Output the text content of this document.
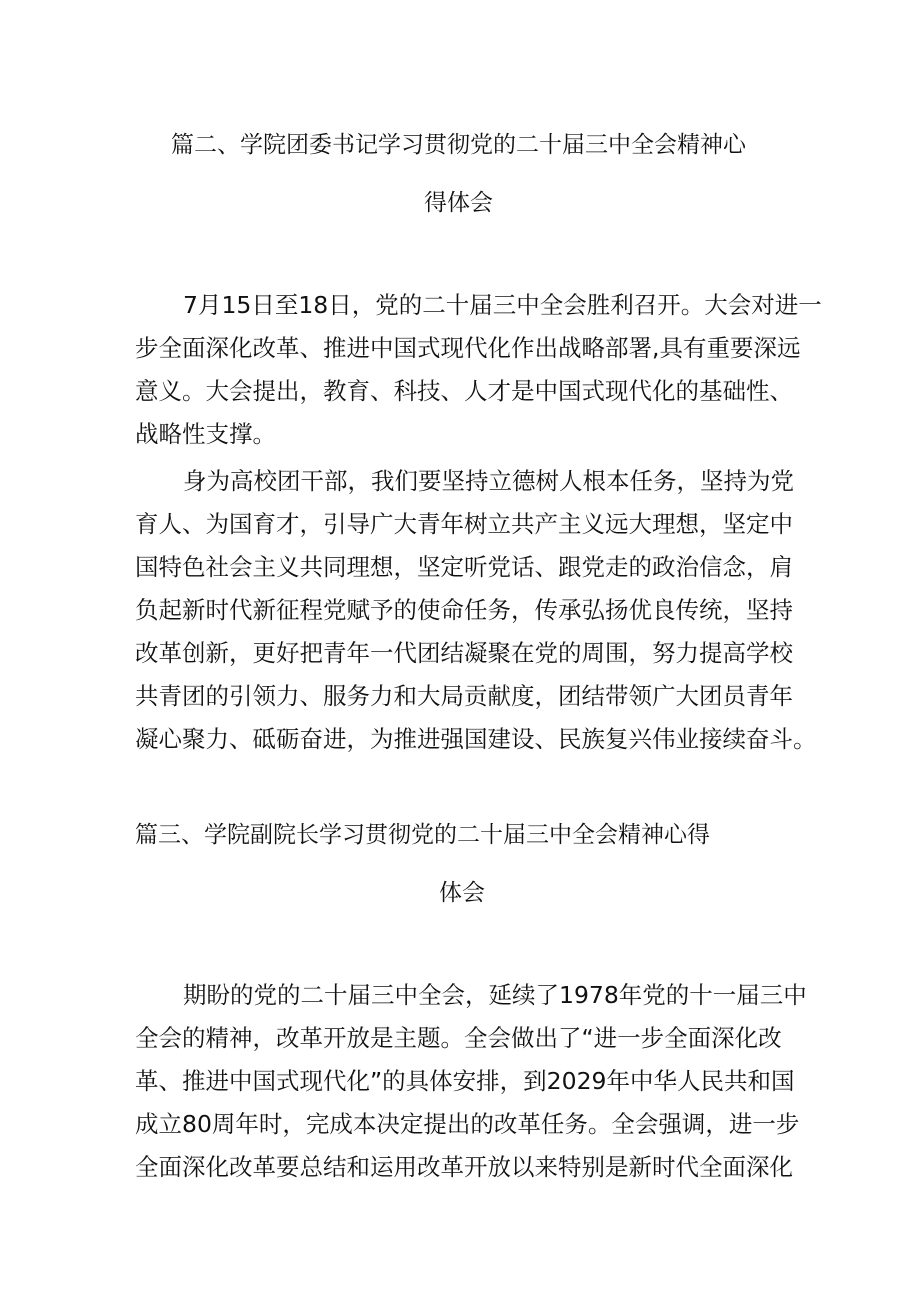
篇二、学院团委书记学习贯彻党的二十届三中全会精神心
得体会
7月15日至18日，党的二十届三中全会胜利召开。大会对进一
步全面深化改革、推进中国式现代化作出战略部署,具有重要深远
意义。大会提出，教育、科技、人才是中国式现代化的基础性、
战略性支撑。
身为高校团干部，我们要坚持立德树人根本任务，坚持为党
育人、为国育才，引导广大青年树立共产主义远大理想，坚定中
国特色社会主义共同理想，坚定听党话、跟党走的政治信念，肩
负起新时代新征程党赋予的使命任务，传承弘扬优良传统，坚持
改革创新，更好把青年一代团结凝聚在党的周围，努力提高学校
共青团的引领力、服务力和大局贡献度，团结带领广大团员青年
凝心聚力、砥砺奋进，为推进强国建设、民族复兴伟业接续奋斗。
篇三、学院副院长学习贯彻党的二十届三中全会精神心得
体会
期盼的党的二十届三中全会，延续了1978年党的十一届三中
全会的精神，改革开放是主题。全会做出了“进一步全面深化改
革、推进中国式现代化”的具体安排，到2029年中华人民共和国
成立80周年时，完成本决定提出的改革任务。全会强调，进一步
全面深化改革要总结和运用改革开放以来特别是新时代全面深化
